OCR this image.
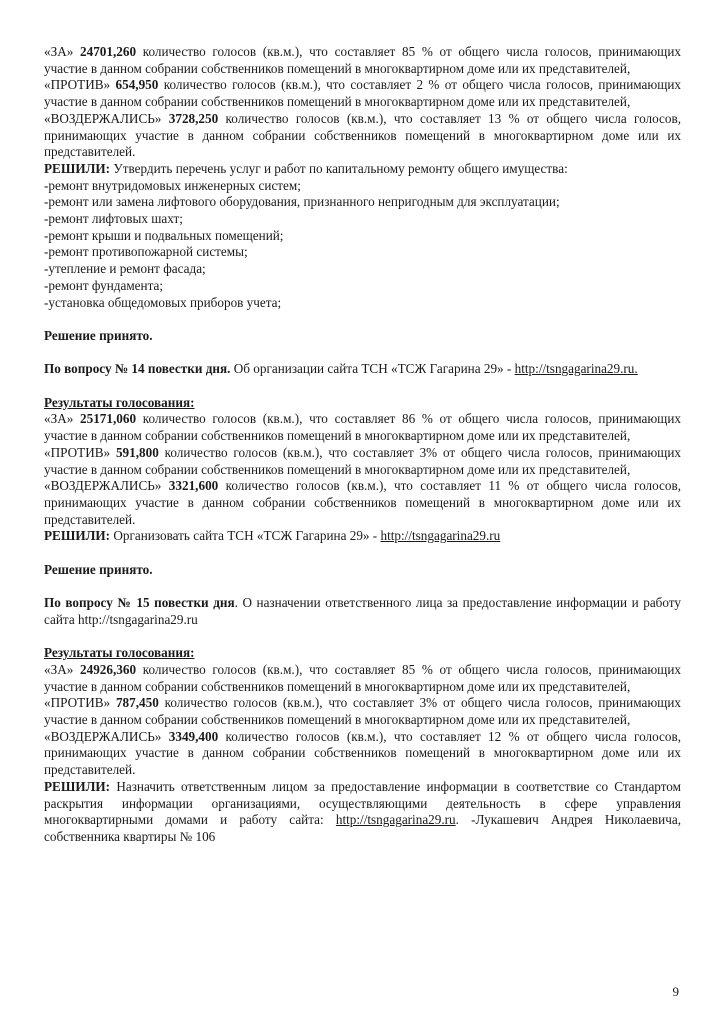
«ЗА» 24701,260 количество голосов (кв.м.), что составляет 85 % от общего числа голосов, принимающих участие в данном собрании собственников помещений в многоквартирном доме или их представителей,

«ПРОТИВ» 654,950 количество голосов (кв.м.), что составляет 2 % от общего числа голосов, принимающих участие в данном собрании собственников помещений в многоквартирном доме или их представителей,

«ВОЗДЕРЖАЛИСЬ» 3728,250 количество голосов (кв.м.), что составляет 13 % от общего числа голосов, принимающих участие в данном собрании собственников помещений в многоквартирном доме или их представителей.

РЕШИЛИ: Утвердить перечень услуг и работ по капитальному ремонту общего имущества:

-ремонт внутридомовых инженерных систем;

-ремонт или замена лифтового оборудования, признанного непригодным для эксплуатации;

-ремонт лифтовых шахт;

-ремонт крыши и подвальных помещений;

-ремонт противопожарной системы;

-утепление и ремонт фасада;

-ремонт фундамента;

-установка общедомовых приборов учета;

Решение принято.

По вопросу № 14 повестки дня. Об организации сайта ТСН «ТСЖ Гагарина 29» - http://tsngagarina29.ru.

Результаты голосования:

«ЗА» 25171,060 количество голосов (кв.м.), что составляет 86 % от общего числа голосов, принимающих участие в данном собрании собственников помещений в многоквартирном доме или их представителей,

«ПРОТИВ» 591,800 количество голосов (кв.м.), что составляет 3% от общего числа голосов, принимающих участие в данном собрании собственников помещений в многоквартирном доме или их представителей,

«ВОЗДЕРЖАЛИСЬ» 3321,600 количество голосов (кв.м.), что составляет 11 % от общего числа голосов, принимающих участие в данном собрании собственников помещений в многоквартирном доме или их представителей.

РЕШИЛИ: Организовать сайта ТСН «ТСЖ Гагарина 29» - http://tsngagarina29.ru

Решение принято.

По вопросу № 15 повестки дня. О назначении ответственного лица за предоставление информации и работу сайта http://tsngagarina29.ru

Результаты голосования:

«ЗА» 24926,360 количество голосов (кв.м.), что составляет 85 % от общего числа голосов, принимающих участие в данном собрании собственников помещений в многоквартирном доме или их представителей,

«ПРОТИВ» 787,450 количество голосов (кв.м.), что составляет 3% от общего числа голосов, принимающих участие в данном собрании собственников помещений в многоквартирном доме или их представителей,

«ВОЗДЕРЖАЛИСЬ» 3349,400 количество голосов (кв.м.), что составляет 12 % от общего числа голосов, принимающих участие в данном собрании собственников помещений в многоквартирном доме или их представителей.

РЕШИЛИ: Назначить ответственным лицом за предоставление информации в соответствие со Стандартом раскрытия информации организациями, осуществляющими деятельность в сфере управления многоквартирными домами и работу сайта: http://tsngagarina29.ru. -Лукашевич Андрея Николаевича, собственника квартиры № 106

9
